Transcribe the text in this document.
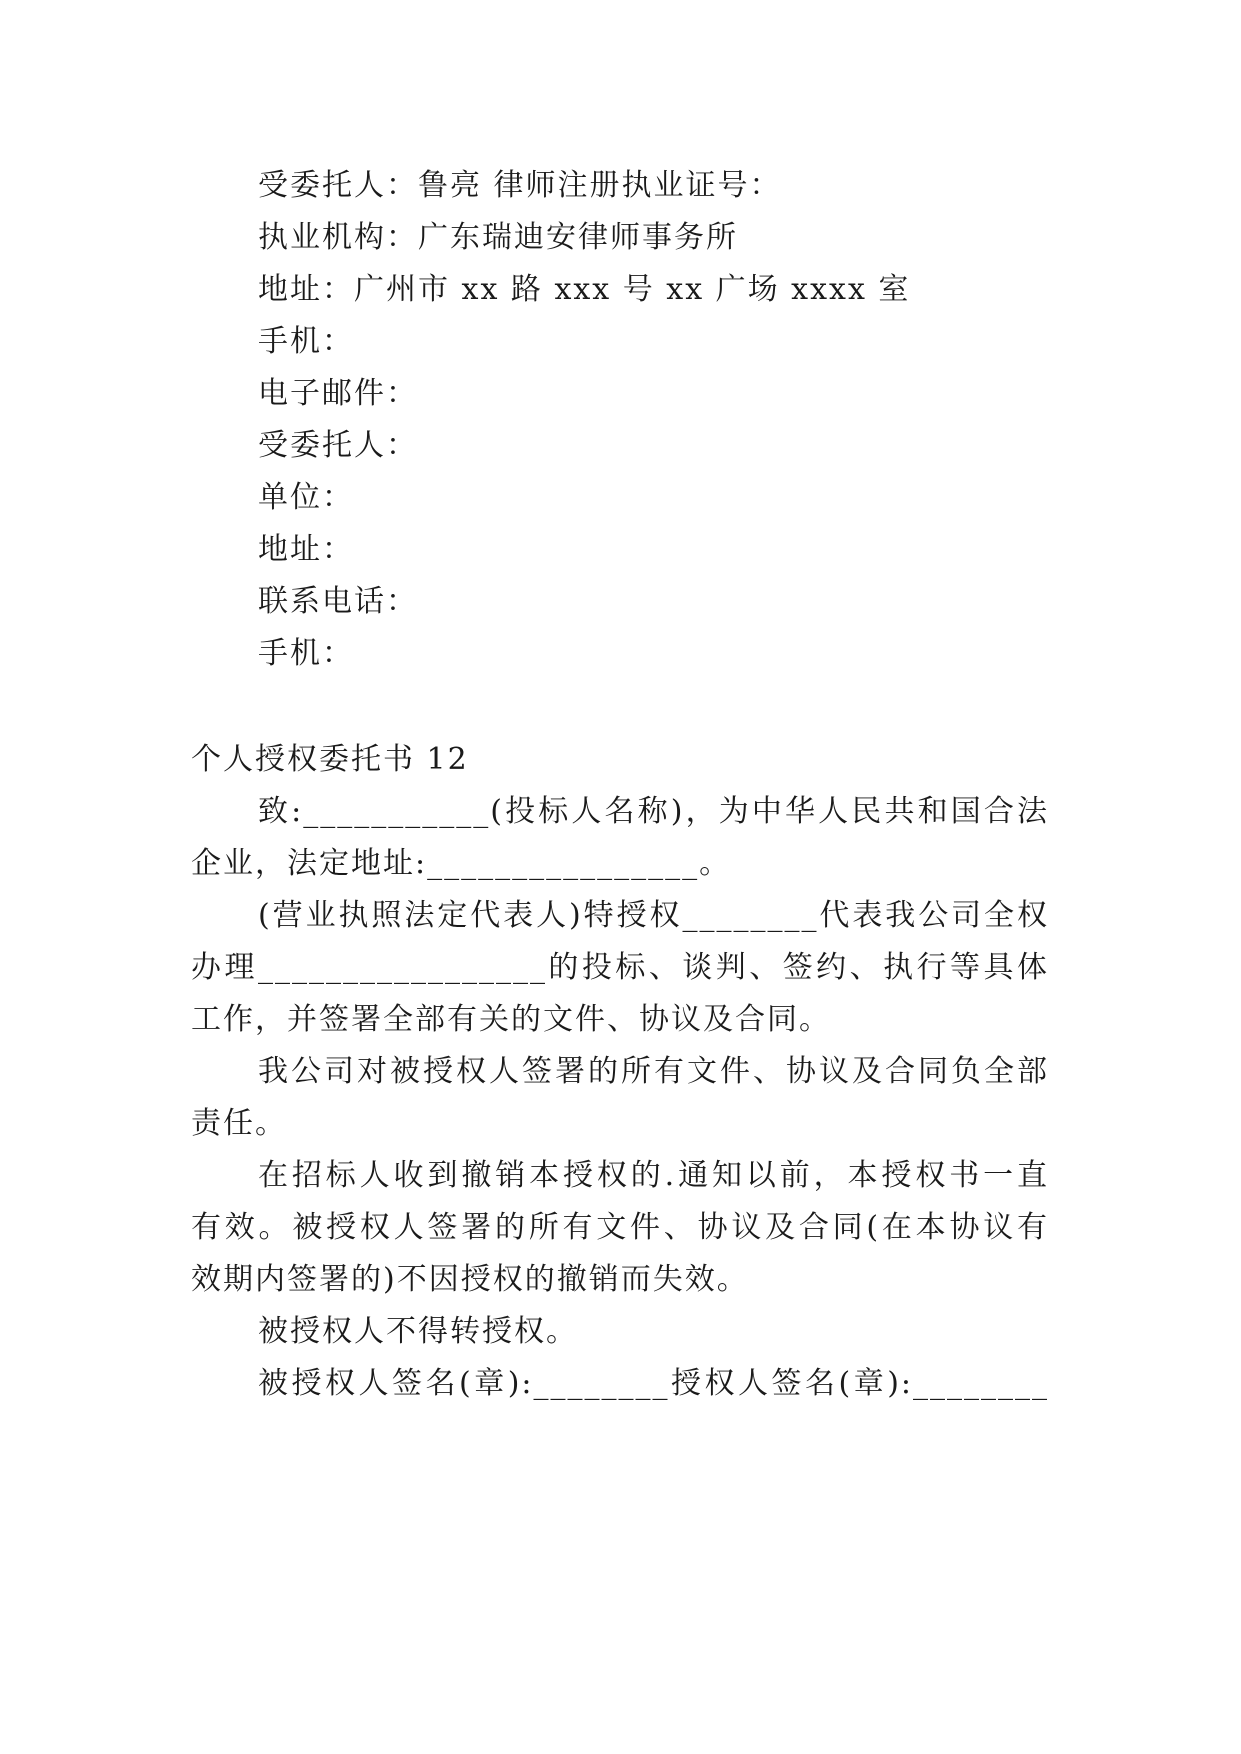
受委托人：鲁亮 律师注册执业证号：
执业机构：广东瑞迪安律师事务所
地址：广州市 xx 路 xxx 号 xx 广场 xxxx 室
手机：
电子邮件：
受委托人：
单位：
地址：
联系电话：
手机：
个人授权委托书 12
致:___________(投标人名称)，为中华人民共和国合法
企业，法定地址:________________。
(营业执照法定代表人)特授权________代表我公司全权
办理_________________的投标、谈判、签约、执行等具体
工作，并签署全部有关的文件、协议及合同。
我公司对被授权人签署的所有文件、协议及合同负全部
责任。
在招标人收到撤销本授权的.通知以前，本授权书一直
有效。被授权人签署的所有文件、协议及合同(在本协议有
效期内签署的)不因授权的撤销而失效。
被授权人不得转授权。
被授权人签名(章):________授权人签名(章):________
